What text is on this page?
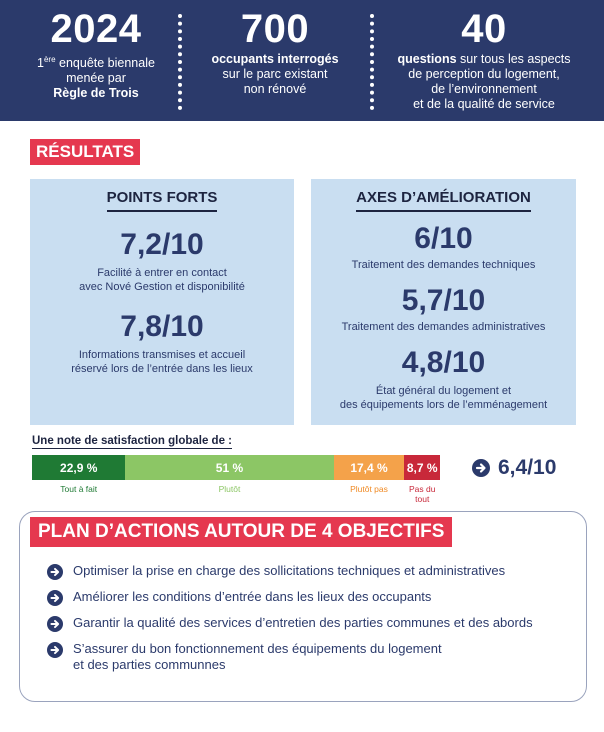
2024
1ère enquête biennale
menée par
Règle de Trois
700
occupants interrogés
sur le parc existant
non rénové
40
questions sur tous les aspects
de perception du logement,
de l’environnement
et de la qualité de service
RÉSULTATS
POINTS FORTS
7,2/10
Facilité à entrer en contact
avec Nové Gestion et disponibilité
7,8/10
Informations transmises et accueil
réservé lors de l’entrée dans les lieux
AXES D’AMÉLIORATION
6/10
Traitement des demandes techniques
5,7/10
Traitement des demandes administratives
4,8/10
État général du logement et
des équipements lors de l’emménagement
Une note de satisfaction globale de :
22,9 %	51 %	17,4 %	8,7 %
Tout à fait	Plutôt	Plutôt pas	Pas du tout
6,4/10
PLAN D’ACTIONS AUTOUR DE 4 OBJECTIFS
Optimiser la prise en charge des sollicitations techniques et administratives
Améliorer les conditions d’entrée dans les lieux des occupants
Garantir la qualité des services d’entretien des parties communes et des abords
S’assurer du bon fonctionnement des équipements du logement
et des parties communnes
